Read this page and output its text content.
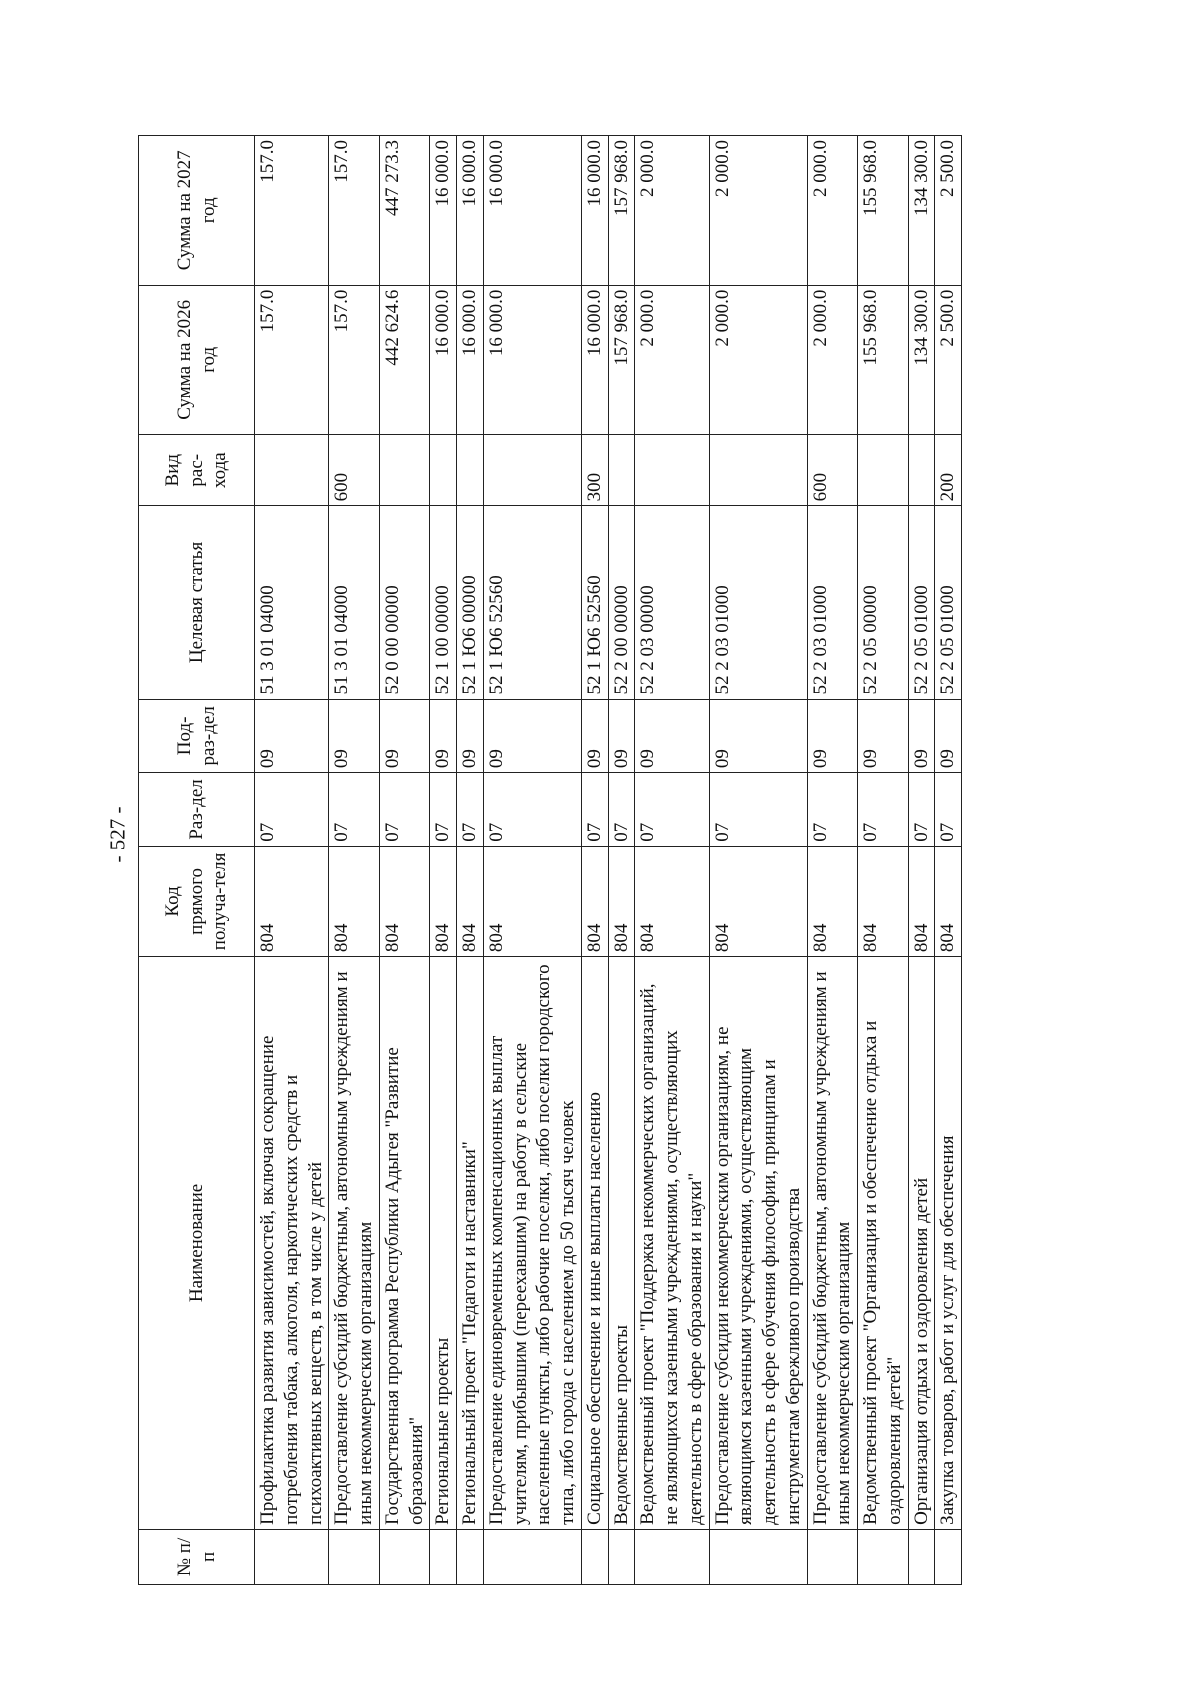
- 527 -
№ п/п	Наименование	Код прямого получа-теля	Раз-дел	Под-раз-дел	Целевая статья	Вид рас-хода	Сумма на 2026 год	Сумма на 2027 год
	Профилактика развития зависимостей, включая сокращение потребления табака, алкоголя, наркотических средств и психоактивных веществ, в том числе у детей	804	07	09	51 3 01 04000		157.0	157.0
	Предоставление субсидий бюджетным, автономным учреждениям и иным некоммерческим организациям	804	07	09	51 3 01 04000	600	157.0	157.0
	Государственная программа Республики Адыгея "Развитие образования"	804	07	09	52 0 00 00000		442 624.6	447 273.3
	Региональные проекты	804	07	09	52 1 00 00000		16 000.0	16 000.0
	Региональный проект "Педагоги и наставники"	804	07	09	52 1 Ю6 00000		16 000.0	16 000.0
	Предоставление единовременных компенсационных выплат учителям, прибывшим (переехавшим) на работу в сельские населенные пункты, либо рабочие поселки, либо поселки городского типа, либо города с населением до 50 тысяч человек	804	07	09	52 1 Ю6 52560		16 000.0	16 000.0
	Социальное обеспечение и иные выплаты населению	804	07	09	52 1 Ю6 52560	300	16 000.0	16 000.0
	Ведомственные проекты	804	07	09	52 2 00 00000		157 968.0	157 968.0
	Ведомственный проект "Поддержка некоммерческих организаций, не являющихся казенными учреждениями, осуществляющих деятельность в сфере образования и науки"	804	07	09	52 2 03 00000		2 000.0	2 000.0
	Предоставление субсидии некоммерческим организациям, не являющимся казенными учреждениями, осуществляющим деятельность в сфере обучения философии, принципам и инструментам бережливого производства	804	07	09	52 2 03 01000		2 000.0	2 000.0
	Предоставление субсидий бюджетным, автономным учреждениям и иным некоммерческим организациям	804	07	09	52 2 03 01000	600	2 000.0	2 000.0
	Ведомственный проект "Организация и обеспечение отдыха и оздоровления детей"	804	07	09	52 2 05 00000		155 968.0	155 968.0
	Организация отдыха и оздоровления детей	804	07	09	52 2 05 01000		134 300.0	134 300.0
	Закупка товаров, работ и услуг для обеспечения	804	07	09	52 2 05 01000	200	2 500.0	2 500.0
